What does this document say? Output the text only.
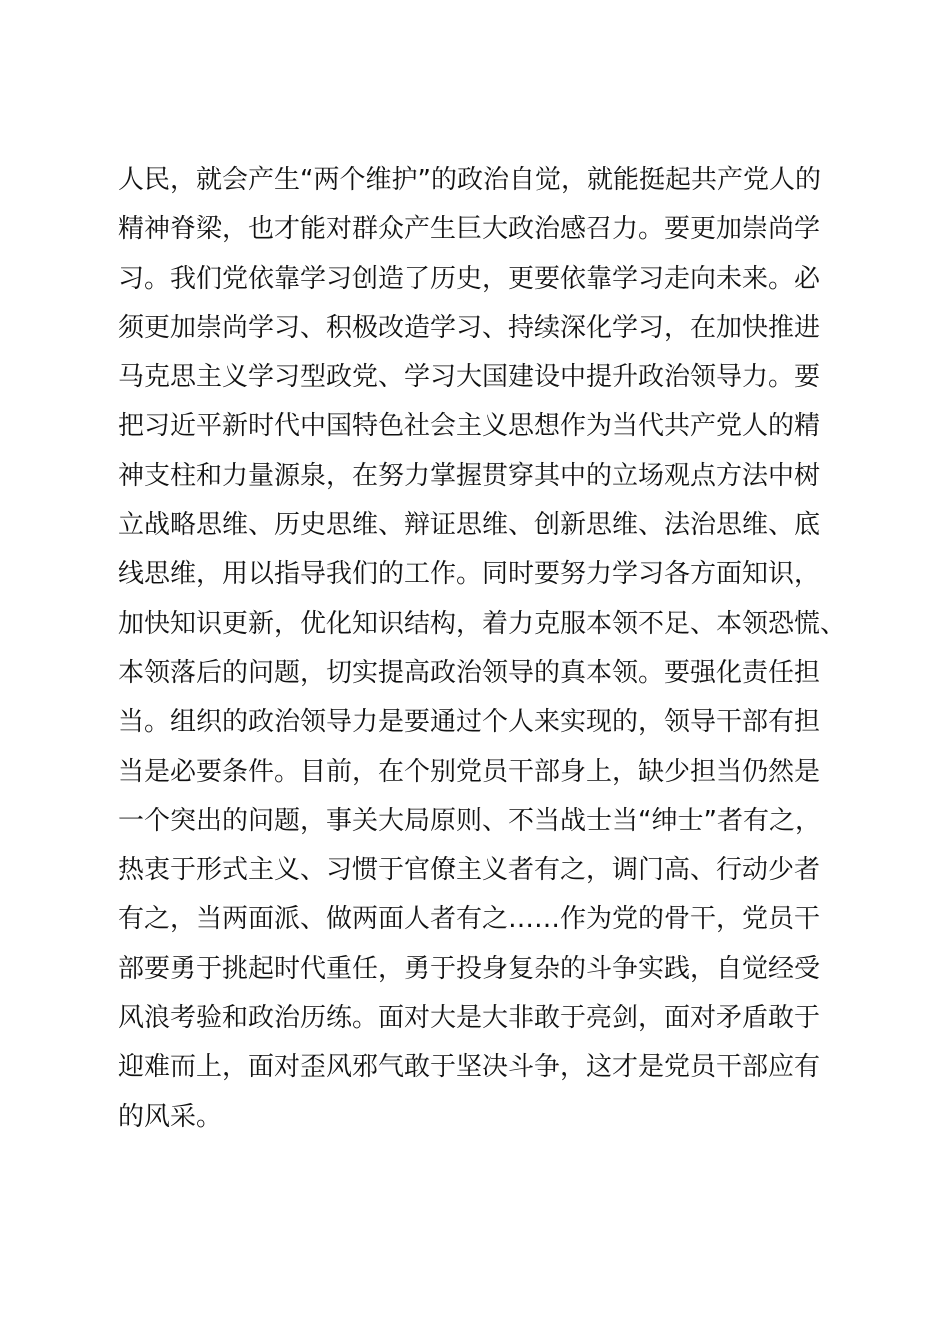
人民，就会产生“两个维护”的政治自觉，就能挺起共产党人的
精神脊梁，也才能对群众产生巨大政治感召力。要更加崇尚学
习。我们党依靠学习创造了历史，更要依靠学习走向未来。必
须更加崇尚学习、积极改造学习、持续深化学习，在加快推进
马克思主义学习型政党、学习大国建设中提升政治领导力。要
把习近平新时代中国特色社会主义思想作为当代共产党人的精
神支柱和力量源泉，在努力掌握贯穿其中的立场观点方法中树
立战略思维、历史思维、辩证思维、创新思维、法治思维、底
线思维，用以指导我们的工作。同时要努力学习各方面知识，
加快知识更新，优化知识结构，着力克服本领不足、本领恐慌、
本领落后的问题，切实提高政治领导的真本领。要强化责任担
当。组织的政治领导力是要通过个人来实现的，领导干部有担
当是必要条件。目前，在个别党员干部身上，缺少担当仍然是
一个突出的问题，事关大局原则、不当战士当“绅士”者有之，
热衷于形式主义、习惯于官僚主义者有之，调门高、行动少者
有之，当两面派、做两面人者有之……作为党的骨干，党员干
部要勇于挑起时代重任，勇于投身复杂的斗争实践，自觉经受
风浪考验和政治历练。面对大是大非敢于亮剑，面对矛盾敢于
迎难而上，面对歪风邪气敢于坚决斗争，这才是党员干部应有
的风采。
